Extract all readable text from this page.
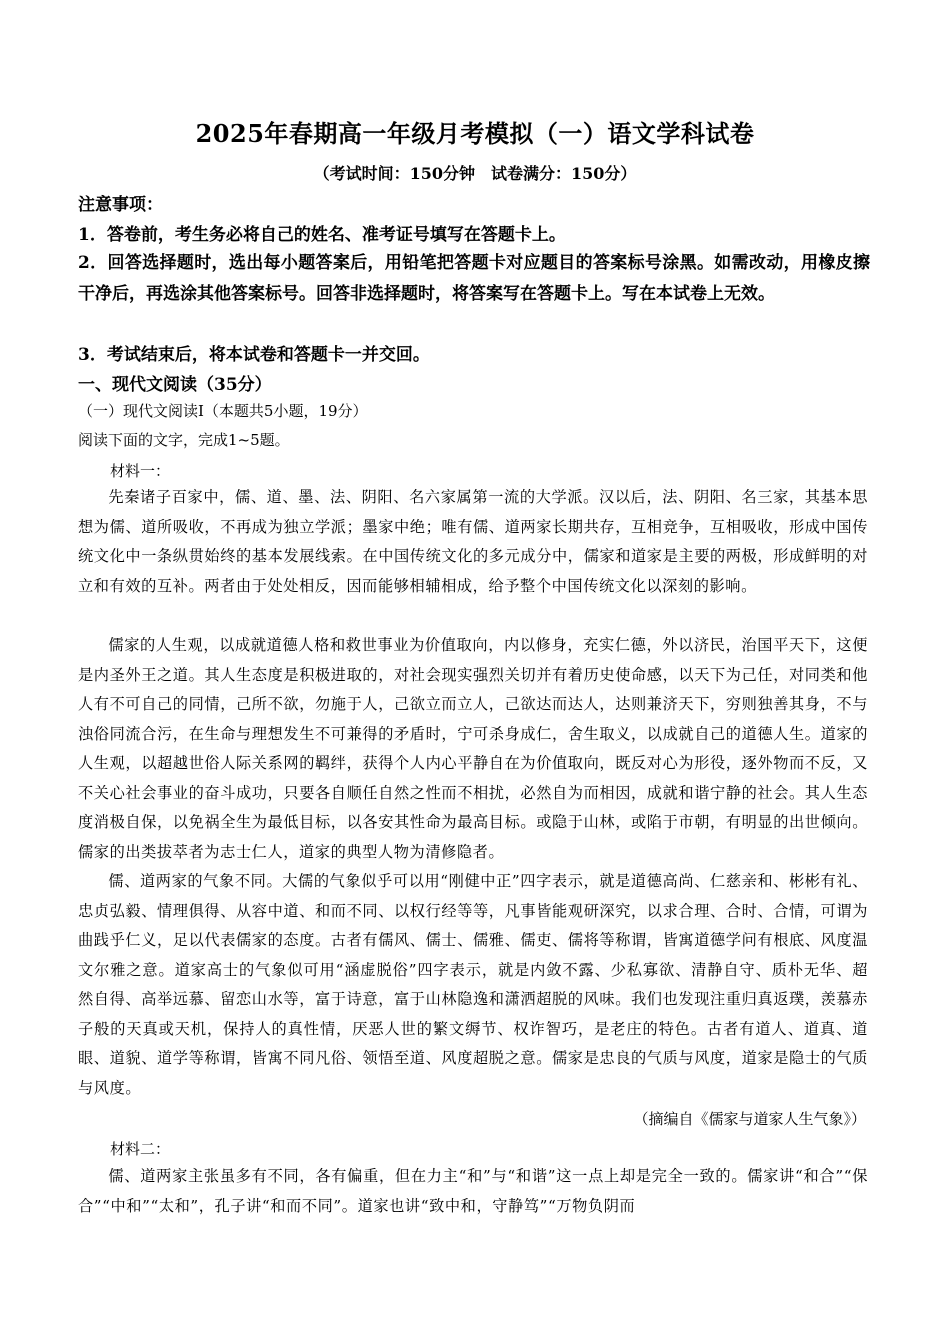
2025年春期高一年级月考模拟（一）语文学科试卷
（考试时间：150分钟　试卷满分：150分）
注意事项：
1．答卷前，考生务必将自己的姓名、准考证号填写在答题卡上。
2．回答选择题时，选出每小题答案后，用铅笔把答题卡对应题目的答案标号涂黑。如需改动，用橡皮擦干净后，再选涂其他答案标号。回答非选择题时，将答案写在答题卡上。写在本试卷上无效。
3．考试结束后，将本试卷和答题卡一并交回。
一、现代文阅读（35分）
（一）现代文阅读Ⅰ（本题共5小题，19分）
阅读下面的文字，完成1~5题。
材料一：
先秦诸子百家中，儒、道、墨、法、阴阳、名六家属第一流的大学派。汉以后，法、阴阳、名三家，其基本思想为儒、道所吸收，不再成为独立学派；墨家中绝；唯有儒、道两家长期共存，互相竞争，互相吸收，形成中国传统文化中一条纵贯始终的基本发展线索。在中国传统文化的多元成分中，儒家和道家是主要的两极，形成鲜明的对立和有效的互补。两者由于处处相反，因而能够相辅相成，给予整个中国传统文化以深刻的影响。
儒家的人生观，以成就道德人格和救世事业为价值取向，内以修身，充实仁德，外以济民，治国平天下，这便是内圣外王之道。其人生态度是积极进取的，对社会现实强烈关切并有着历史使命感，以天下为己任，对同类和他人有不可自己的同情，己所不欲，勿施于人，己欲立而立人，己欲达而达人，达则兼济天下，穷则独善其身，不与浊俗同流合污，在生命与理想发生不可兼得的矛盾时，宁可杀身成仁，舍生取义，以成就自己的道德人生。道家的人生观，以超越世俗人际关系网的羁绊，获得个人内心平静自在为价值取向，既反对心为形役，逐外物而不反，又不关心社会事业的奋斗成功，只要各自顺任自然之性而不相扰，必然自为而相因，成就和谐宁静的社会。其人生态度消极自保，以免祸全生为最低目标，以各安其性命为最高目标。或隐于山林，或陷于市朝，有明显的出世倾向。儒家的出类拔萃者为志士仁人，道家的典型人物为清修隐者。
儒、道两家的气象不同。大儒的气象似乎可以用“刚健中正”四字表示，就是道德高尚、仁慈亲和、彬彬有礼、忠贞弘毅、情理俱得、从容中道、和而不同、以权行经等等，凡事皆能观研深究，以求合理、合时、合情，可谓为曲践乎仁义，足以代表儒家的态度。古者有儒风、儒士、儒雅、儒吏、儒将等称谓，皆寓道德学问有根底、风度温文尔雅之意。道家高士的气象似可用“涵虚脱俗”四字表示，就是内敛不露、少私寡欲、清静自守、质朴无华、超然自得、高举远慕、留恋山水等，富于诗意，富于山林隐逸和潇洒超脱的风味。我们也发现注重归真返璞，羡慕赤子般的天真或天机，保持人的真性情，厌恶人世的繁文缛节、权诈智巧，是老庄的特色。古者有道人、道真、道眼、道貌、道学等称谓，皆寓不同凡俗、领悟至道、风度超脱之意。儒家是忠良的气质与风度，道家是隐士的气质与风度。
（摘编自《儒家与道家人生气象》）
材料二：
儒、道两家主张虽多有不同，各有偏重，但在力主“和”与“和谐”这一点上却是完全一致的。儒家讲“和合”“保合”“中和”“太和”，孔子讲“和而不同”。道家也讲“致中和，守静笃”“万物负阴而
